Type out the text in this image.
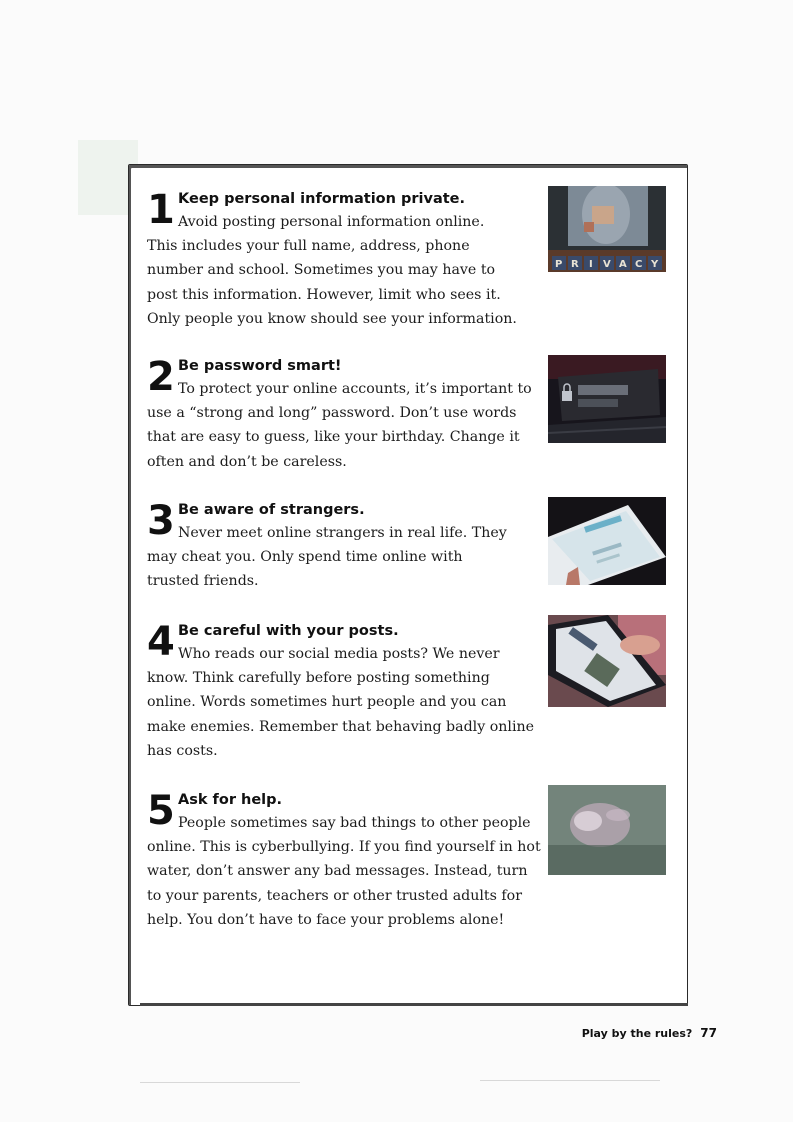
1 Keep personal information private.

Avoid posting personal information online. This includes your full name, address, phone number and school. Sometimes you may have to post this information. However, limit who sees it. Only people you know should see your information.

2 Be password smart!

To protect your online accounts, it’s important to use a “strong and long” password. Don’t use words that are easy to guess, like your birthday. Change it often and don’t be careless.

3 Be aware of strangers.

Never meet online strangers in real life. They may cheat you. Only spend time online with trusted friends.

4 Be careful with your posts.

Who reads our social media posts? We never know. Think carefully before posting something online. Words sometimes hurt people and you can make enemies. Remember that behaving badly online has costs.

5 Ask for help.

People sometimes say bad things to other people online. This is cyberbullying. If you find yourself in hot water, don’t answer any bad messages. Instead, turn to your parents, teachers or other trusted adults for help. You don’t have to face your problems alone!

P R I V A C Y
Play by the rules? 77
